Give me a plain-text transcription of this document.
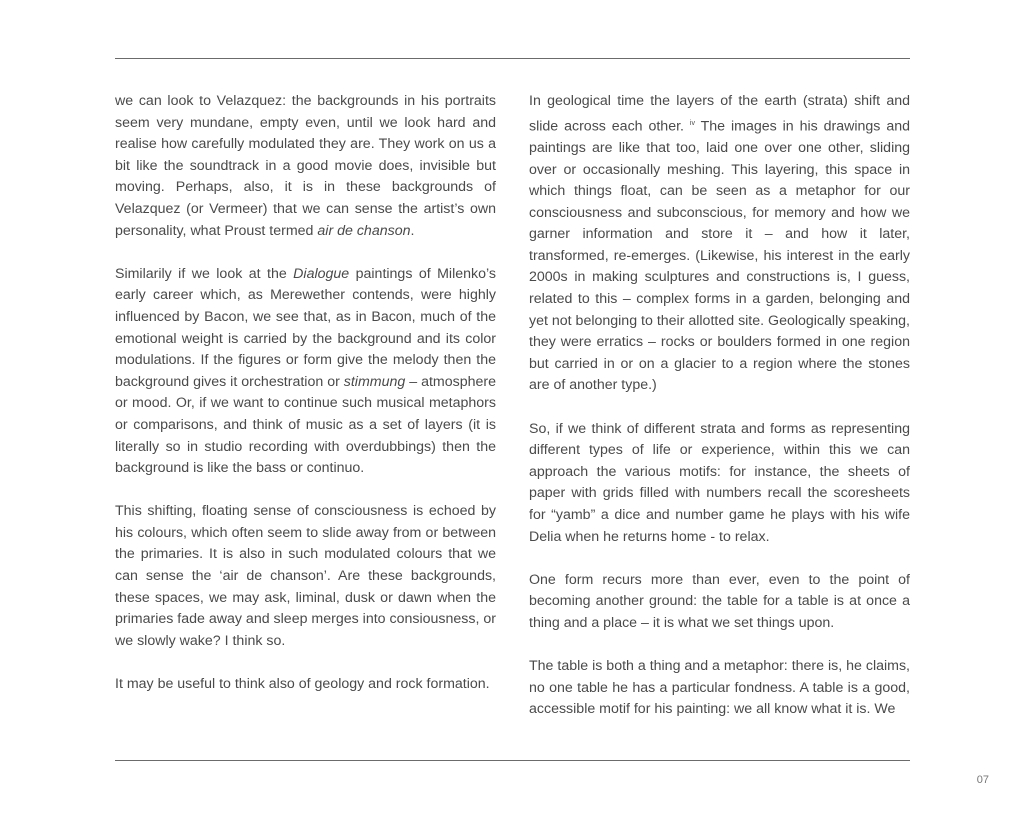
we can look to Velazquez: the backgrounds in his portraits seem very mundane, empty even, until we look hard and realise how carefully modulated they are. They work on us a bit like the soundtrack in a good movie does, invisible but moving. Perhaps, also, it is in these backgrounds of Velazquez (or Vermeer) that we can sense the artist’s own personality, what Proust termed air de chanson.

Similarily if we look at the Dialogue paintings of Milenko’s early career which, as Merewether contends, were highly influenced by Bacon, we see that, as in Bacon, much of the emotional weight is carried by the background and its color modulations. If the figures or form give the melody then the background gives it orchestration or stimmung – atmosphere or mood. Or, if we want to continue such musical metaphors or comparisons, and think of music as a set of layers (it is literally so in studio recording with overdubbings) then the background is like the bass or continuo.

This shifting, floating sense of consciousness is echoed by his colours, which often seem to slide away from or between the primaries. It is also in such modulated colours that we can sense the ‘air de chanson’. Are these backgrounds, these spaces, we may ask, liminal, dusk or dawn when the primaries fade away and sleep merges into consiousness, or we slowly wake? I think so.

It may be useful to think also of geology and rock formation.

In geological time the layers of the earth (strata) shift and slide across each other. $^{iv}$ The images in his drawings and paintings are like that too, laid one over one other, sliding over or occasionally meshing. This layering, this space in which things float, can be seen as a metaphor for our consciousness and subconscious, for memory and how we garner information and store it – and how it later, transformed, re-emerges. (Likewise, his interest in the early 2000s in making sculptures and constructions is, I guess, related to this – complex forms in a garden, belonging and yet not belonging to their allotted site. Geologically speaking, they were erratics – rocks or boulders formed in one region but carried in or on a glacier to a region where the stones are of another type.)

So, if we think of different strata and forms as representing different types of life or experience, within this we can approach the various motifs: for instance, the sheets of paper with grids filled with numbers recall the scoresheets for “yamb” a dice and number game he plays with his wife Delia when he returns home - to relax.

One form recurs more than ever, even to the point of becoming another ground: the table for a table is at once a thing and a place – it is what we set things upon.

The table is both a thing and a metaphor: there is, he claims, no one table he has a particular fondness. A table is a good, accessible motif for his painting: we all know what it is. We

07
